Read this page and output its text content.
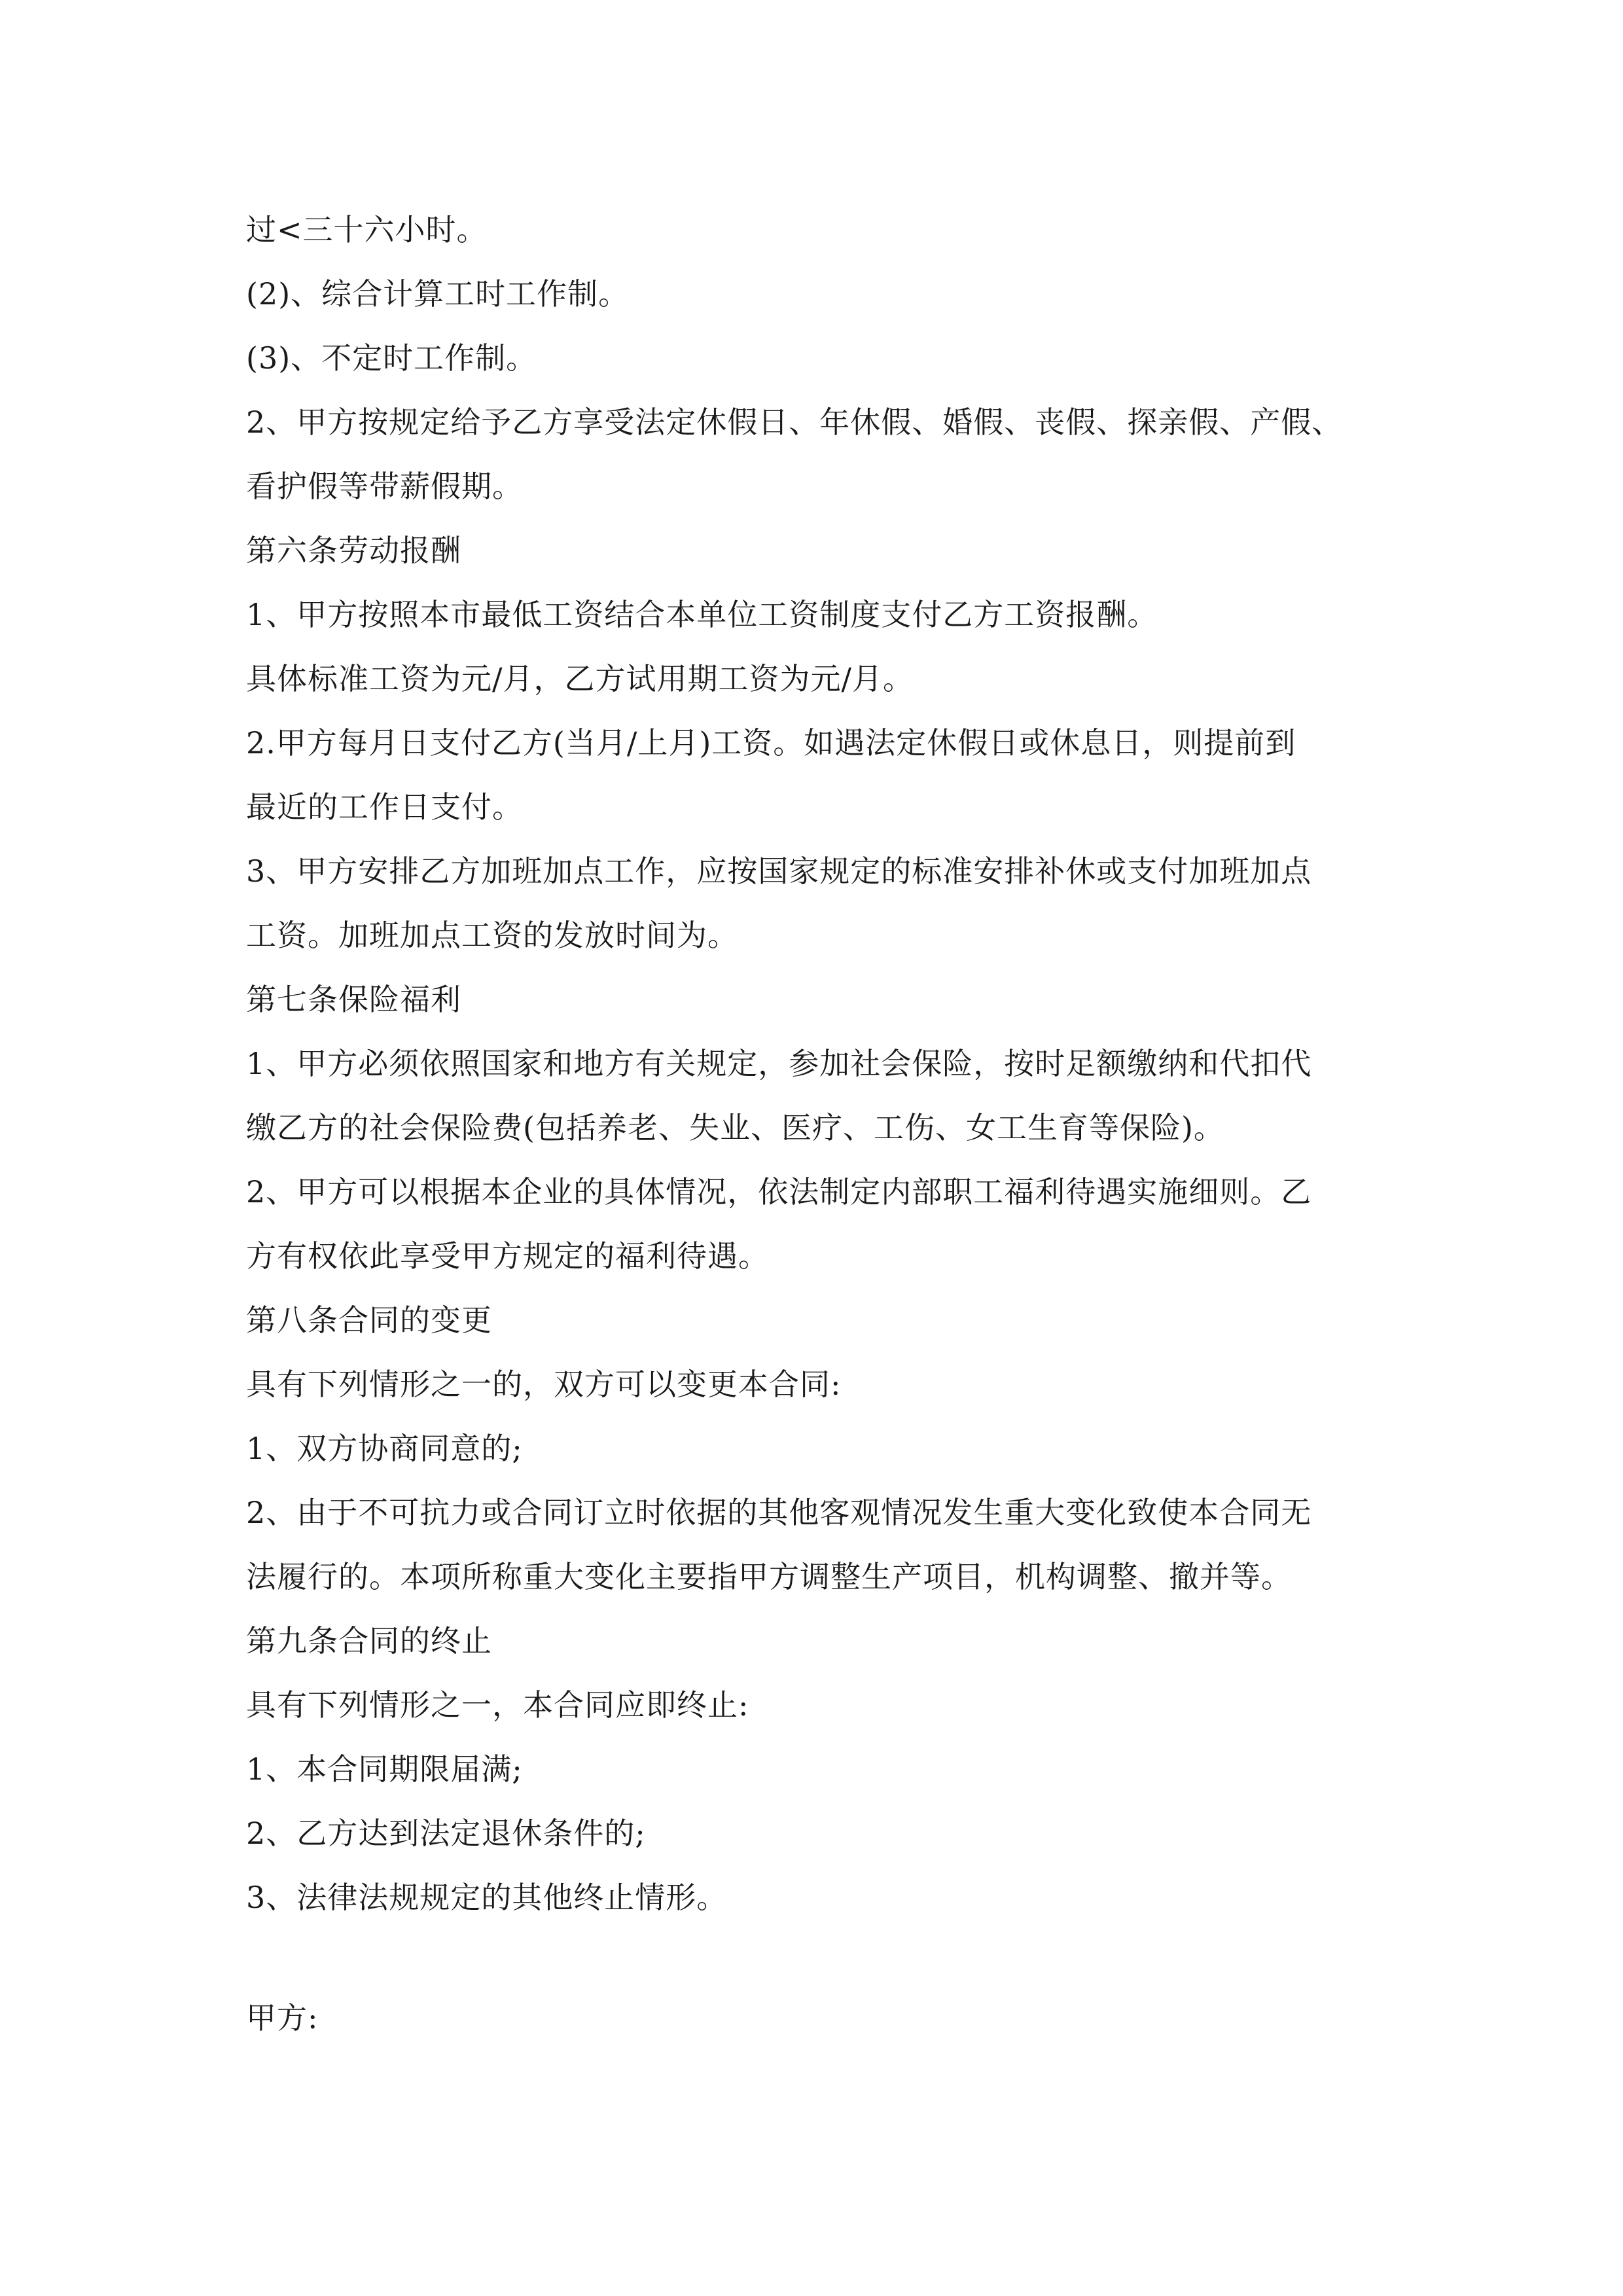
过<三十六小时。
(2)、综合计算工时工作制。
(3)、不定时工作制。
2、甲方按规定给予乙方享受法定休假日、年休假、婚假、丧假、探亲假、产假、
看护假等带薪假期。
第六条劳动报酬
1、甲方按照本市最低工资结合本单位工资制度支付乙方工资报酬。
具体标准工资为元/月，乙方试用期工资为元/月。
2.甲方每月日支付乙方(当月/上月)工资。如遇法定休假日或休息日，则提前到
最近的工作日支付。
3、甲方安排乙方加班加点工作，应按国家规定的标准安排补休或支付加班加点
工资。加班加点工资的发放时间为。
第七条保险福利
1、甲方必须依照国家和地方有关规定，参加社会保险，按时足额缴纳和代扣代
缴乙方的社会保险费(包括养老、失业、医疗、工伤、女工生育等保险)。
2、甲方可以根据本企业的具体情况，依法制定内部职工福利待遇实施细则。乙
方有权依此享受甲方规定的福利待遇。
第八条合同的变更
具有下列情形之一的，双方可以变更本合同:
1、双方协商同意的;
2、由于不可抗力或合同订立时依据的其他客观情况发生重大变化致使本合同无
法履行的。本项所称重大变化主要指甲方调整生产项目，机构调整、撤并等。
第九条合同的终止
具有下列情形之一，本合同应即终止:
1、本合同期限届满;
2、乙方达到法定退休条件的;
3、法律法规规定的其他终止情形。
甲方:
